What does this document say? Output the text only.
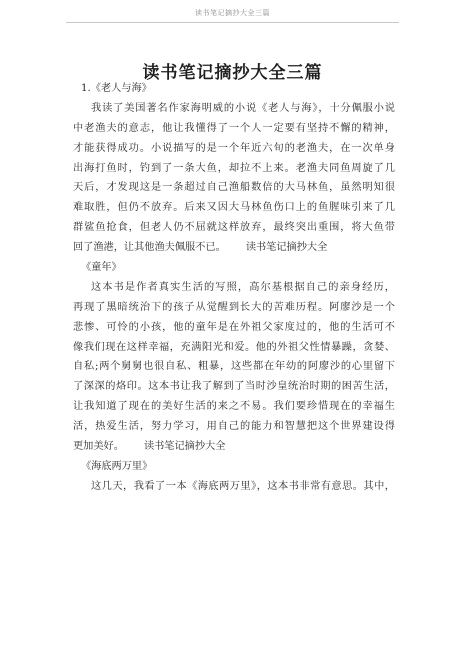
读书笔记摘抄大全三篇
读书笔记摘抄大全三篇
1.《老人与海》
我读了美国著名作家海明威的小说《老人与海》，十分佩服小说
中老渔夫的意志，他让我懂得了一个人一定要有坚持不懈的精神，
才能获得成功。小说描写的是一个年近六旬的老渔夫，在一次单身
出海打鱼时，钓到了一条大鱼，却拉不上来。老渔夫同鱼周旋了几
天后，才发现这是一条超过自己渔船数倍的大马林鱼，虽然明知很
难取胜，但仍不放弃。后来又因大马林鱼伤口上的鱼腥味引来了几
群鲨鱼抢食，但老人仍不屈就这样放弃，最终突出重围，将大鱼带
回了渔港，让其他渔夫佩服不已。 读书笔记摘抄大全
《童年》
这本书是作者真实生活的写照，高尔基根据自己的亲身经历，
再现了黑暗统治下的孩子从觉醒到长大的苦难历程。阿廖沙是一个
悲惨、可怜的小孩，他的童年是在外祖父家度过的，他的生活可不
像我们现在这样幸福，充满阳光和爱。他的外祖父性情暴躁，贪婪、
自私;两个舅舅也很自私、粗暴，这些都在年幼的阿廖沙的心里留下
了深深的烙印。这本书让我了解到了当时沙皇统治时期的困苦生活，
让我知道了现在的美好生活的来之不易。我们要珍惜现在的幸福生
活，热爱生活，努力学习，用自己的能力和智慧把这个世界建设得
更加美好。 读书笔记摘抄大全
《海底两万里》
这几天，我看了一本《海底两万里》，这本书非常有意思。其中，
